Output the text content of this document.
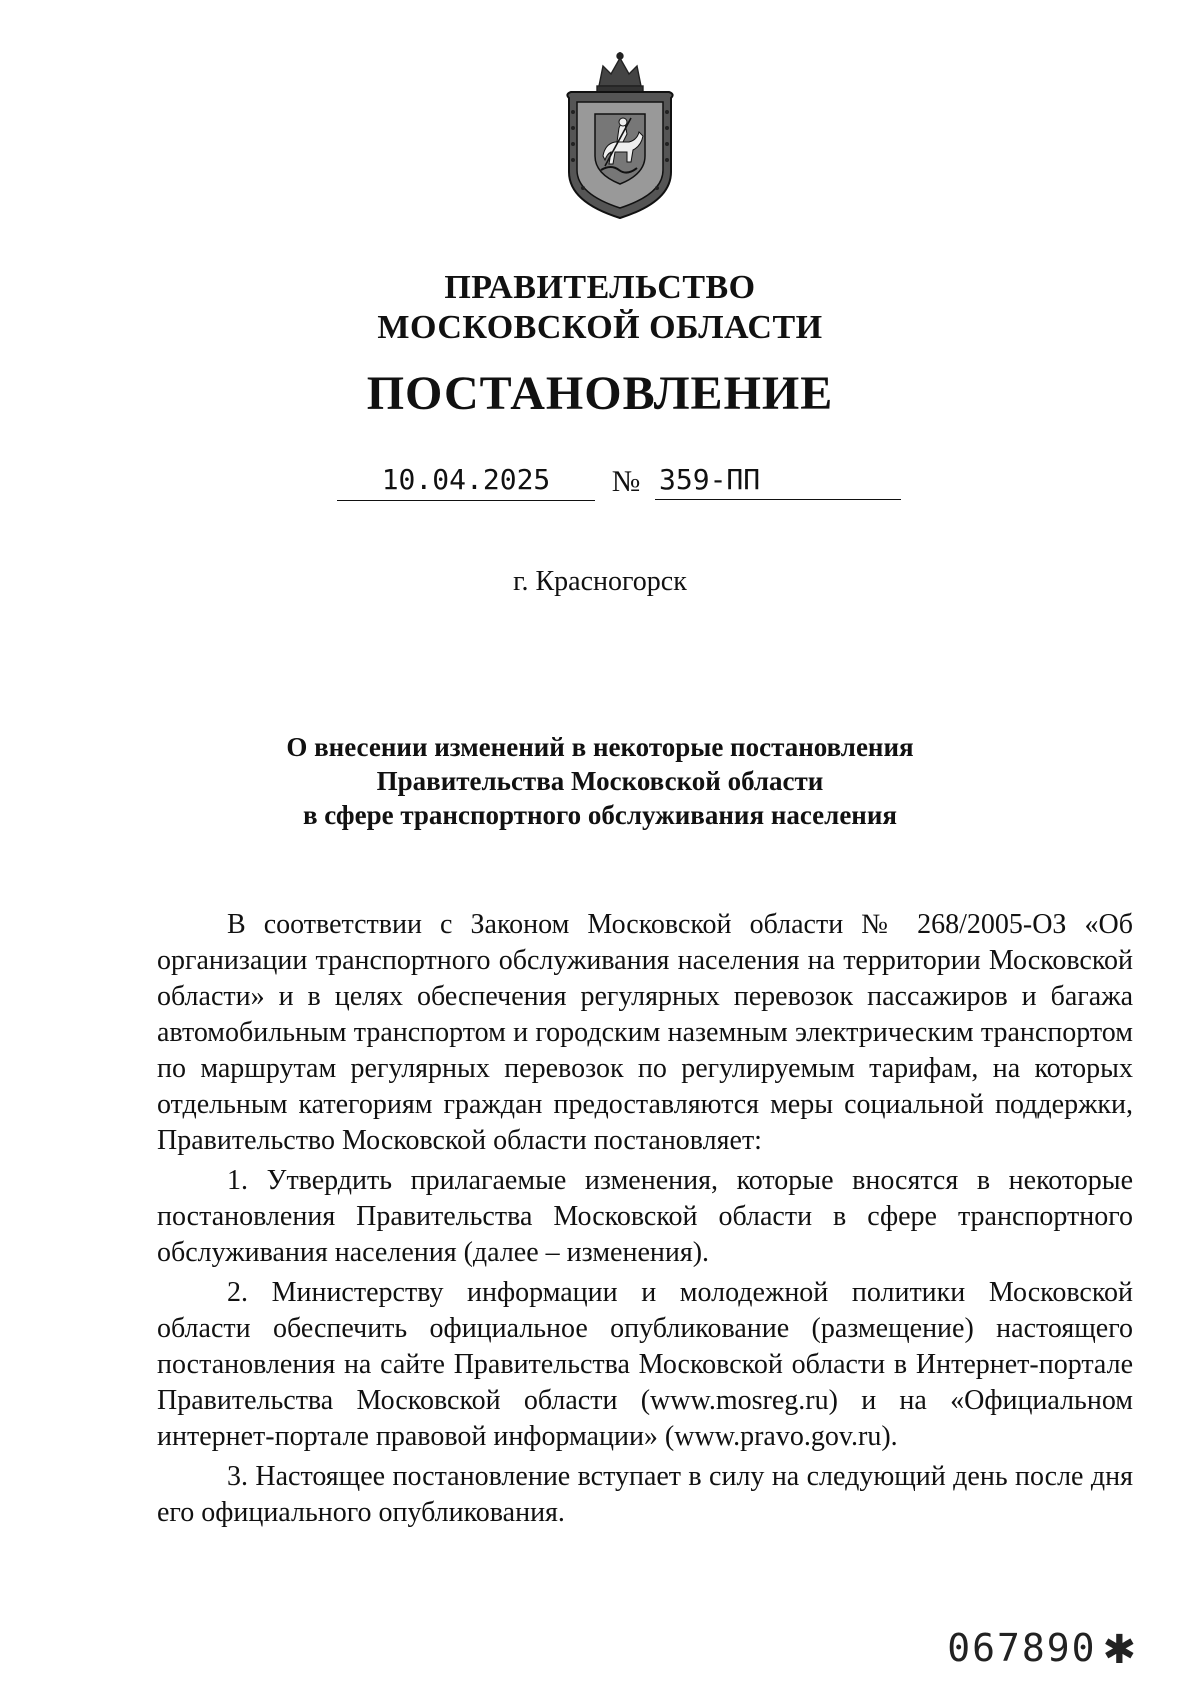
ПРАВИТЕЛЬСТВО
МОСКОВСКОЙ ОБЛАСТИ
ПОСТАНОВЛЕНИЕ
10.04.2025	№ 359-ПП
г. Красногорск
О внесении изменений в некоторые постановления
Правительства Московской области
в сфере транспортного обслуживания населения

В соответствии с Законом Московской области № 268/2005-ОЗ «Об организации транспортного обслуживания населения на территории Московской области» и в целях обеспечения регулярных перевозок пассажиров и багажа автомобильным транспортом и городским наземным электрическим транспортом по маршрутам регулярных перевозок по регулируемым тарифам, на которых отдельным категориям граждан предоставляются меры социальной поддержки, Правительство Московской области постановляет:

1. Утвердить прилагаемые изменения, которые вносятся в некоторые постановления Правительства Московской области в сфере транспортного обслуживания населения (далее – изменения).

2. Министерству информации и молодежной политики Московской области обеспечить официальное опубликование (размещение) настоящего постановления на сайте Правительства Московской области в Интернет-портале Правительства Московской области (www.mosreg.ru) и на «Официальном интернет-портале правовой информации» (www.pravo.gov.ru).

3. Настоящее постановление вступает в силу на следующий день после дня его официального опубликования.

067890 ✱
